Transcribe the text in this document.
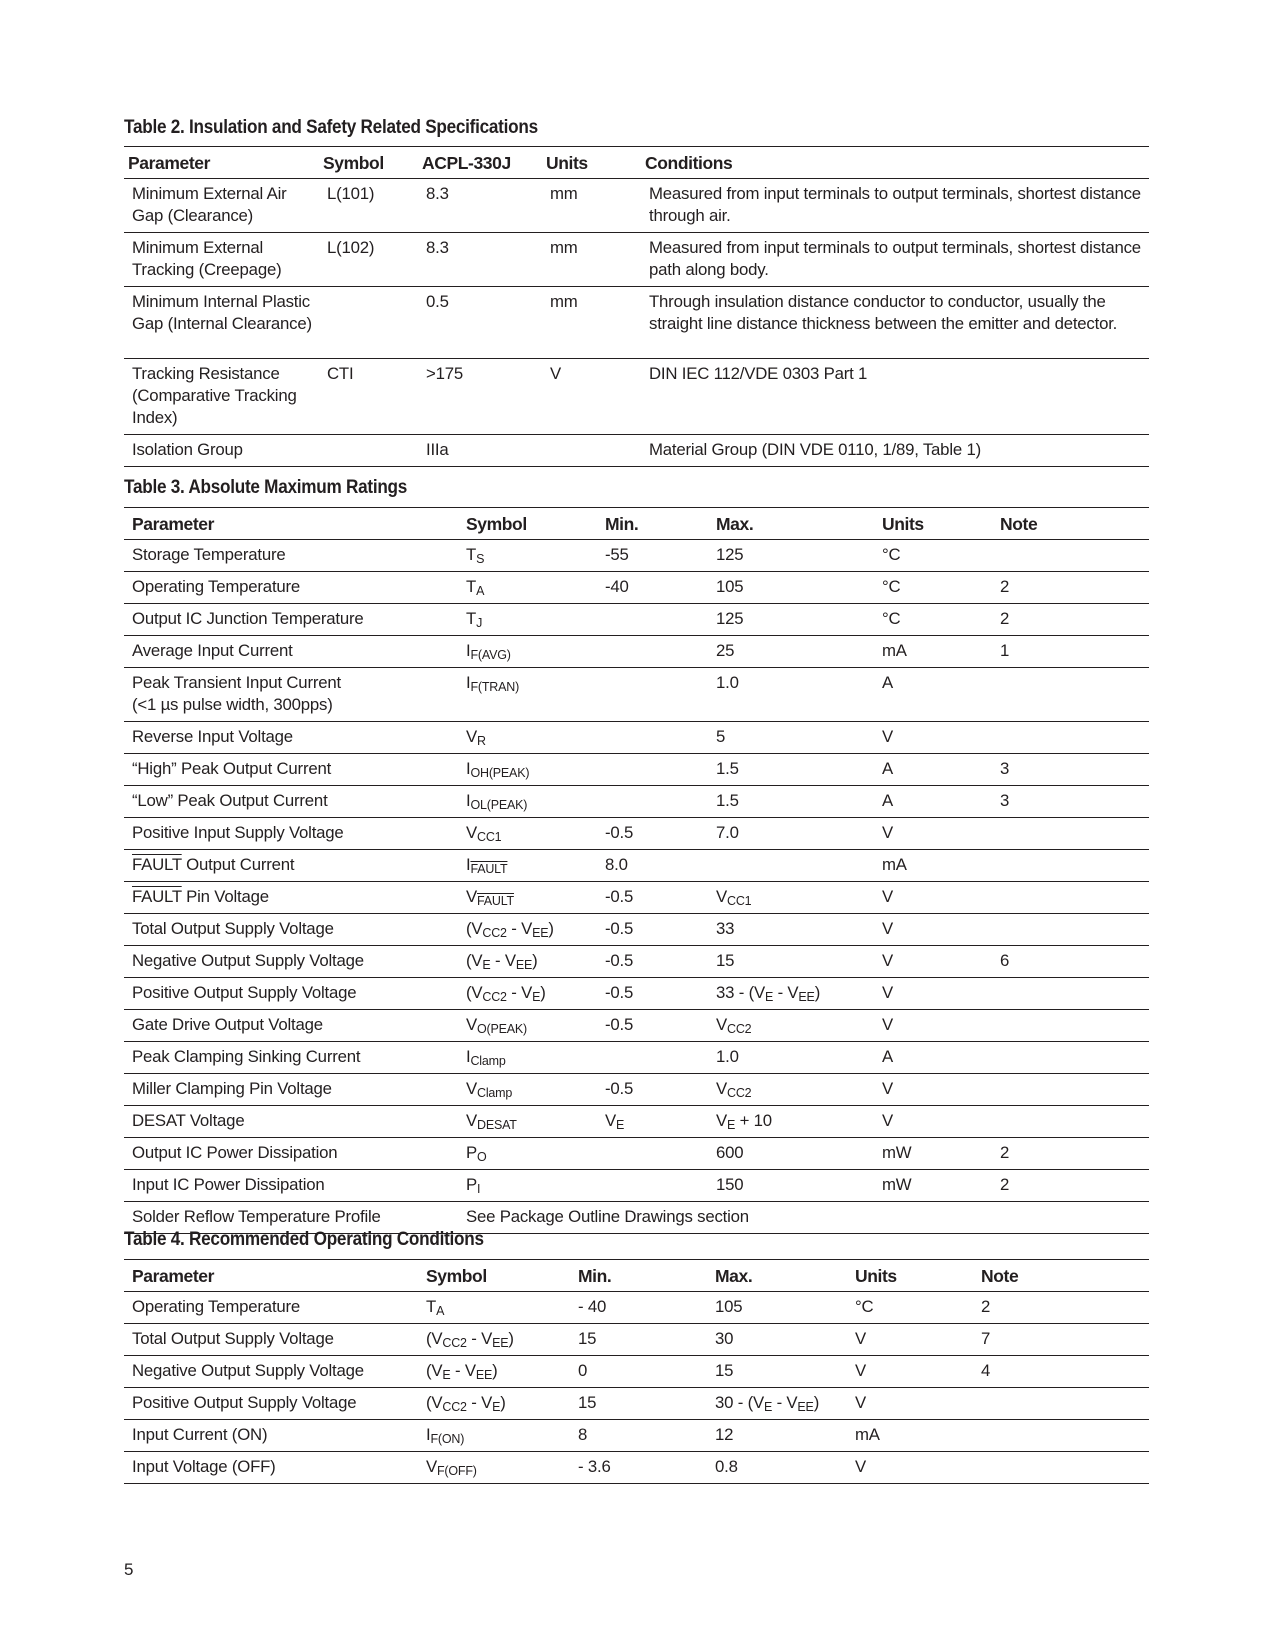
Table 2. Insulation and Safety Related Specifications
Parameter	Symbol	ACPL-330J	Units	Conditions
Minimum External Air Gap (Clearance)	L(101)	8.3	mm	Measured from input terminals to output terminals, shortest distance through air.
Minimum External Tracking (Creepage)	L(102)	8.3	mm	Measured from input terminals to output terminals, shortest distance path along body.
Minimum Internal Plastic Gap (Internal Clearance)		0.5	mm	Through insulation distance conductor to conductor, usually the straight line distance thickness between the emitter and detector.
Tracking Resistance (Comparative Tracking Index)	CTI	>175	V	DIN IEC 112/VDE 0303 Part 1
Isolation Group		IIIa		Material Group (DIN VDE 0110, 1/89, Table 1)
Table 3. Absolute Maximum Ratings
Parameter	Symbol	Min.	Max.	Units	Note
Storage Temperature	$T_S$	-55	125	°C	
Operating Temperature	$T_A$	-40	105	°C	2
Output IC Junction Temperature	$T_J$		125	°C	2
Average Input Current	$I_{F(AVG)}$		25	mA	1
Peak Transient Input Current
(<1 µs pulse width, 300pps)	$I_{F(TRAN)}$		1.0	A	
Reverse Input Voltage	$V_R$		5	V	
“High” Peak Output Current	$I_{OH(PEAK)}$		1.5	A	3
“Low” Peak Output Current	$I_{OL(PEAK)}$		1.5	A	3
Positive Input Supply Voltage	$V_{CC1}$	-0.5	7.0	V	
FAULT Output Current	$I_{FAULT}$	8.0		mA	
FAULT Pin Voltage	$V_{FAULT}$	-0.5	$V_{CC1}$	V	
Total Output Supply Voltage	$(V_{CC2} - V_{EE})$	-0.5	33	V	
Negative Output Supply Voltage	$(V_E - V_{EE})$	-0.5	15	V	6
Positive Output Supply Voltage	$(V_{CC2} - V_E)$	-0.5	$33 - (V_E - V_{EE})$	V	
Gate Drive Output Voltage	$V_{O(PEAK)}$	-0.5	$V_{CC2}$	V	
Peak Clamping Sinking Current	$I_{Clamp}$		1.0	A	
Miller Clamping Pin Voltage	$V_{Clamp}$	-0.5	$V_{CC2}$	V	
DESAT Voltage	$V_{DESAT}$	$V_E$	$V_E + 10$	V	
Output IC Power Dissipation	$P_O$		600	mW	2
Input IC Power Dissipation	$P_I$		150	mW	2
Solder Reflow Temperature Profile	See Package Outline Drawings section				
Table 4. Recommended Operating Conditions
Parameter	Symbol	Min.	Max.	Units	Note
Operating Temperature	$T_A$	- 40	105	°C	2
Total Output Supply Voltage	$(V_{CC2} - V_{EE})$	15	30	V	7
Negative Output Supply Voltage	$(V_E - V_{EE})$	0	15	V	4
Positive Output Supply Voltage	$(V_{CC2} - V_E)$	15	$30 - (V_E - V_{EE})$	V	
Input Current (ON)	$I_{F(ON)}$	8	12	mA	
Input Voltage (OFF)	$V_{F(OFF)}$	- 3.6	0.8	V	
5
